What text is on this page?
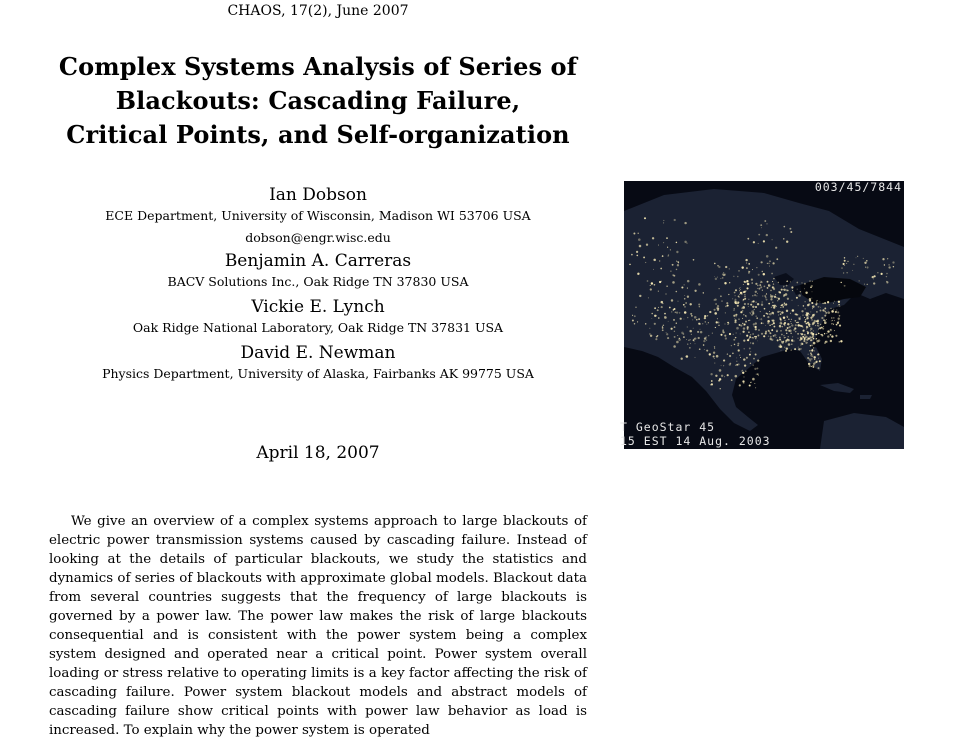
CHAOS, 17(2), June 2007
Complex Systems Analysis of Series of
Blackouts: Cascading Failure,
Critical Points, and Self-organization
Ian Dobson
ECE Department, University of Wisconsin, Madison WI 53706 USA
dobson@engr.wisc.edu
Benjamin A. Carreras
BACV Solutions Inc., Oak Ridge TN 37830 USA
Vickie E. Lynch
Oak Ridge National Laboratory, Oak Ridge TN 37831 USA
David E. Newman
Physics Department, University of Alaska, Fairbanks AK 99775 USA
April 18, 2007

We give an overview of a complex systems approach to large blackouts of electric power transmission systems caused by cascading failure. Instead of looking at the details of particular blackouts, we study the statistics and dynamics of series of blackouts with approximate global models. Blackout data from several countries suggests that the frequency of large blackouts is governed by a power law. The power law makes the risk of large blackouts consequential and is consistent with the power system being a complex system designed and operated near a critical point. Power system overall loading or stress relative to operating limits is a key factor affecting the risk of cascading failure. Power system blackout models and abstract models of cascading failure show critical points with power law behavior as load is increased. To explain why the power system is operated

003/45/7844
T GeoStar 45
15 EST 14 Aug. 2003
